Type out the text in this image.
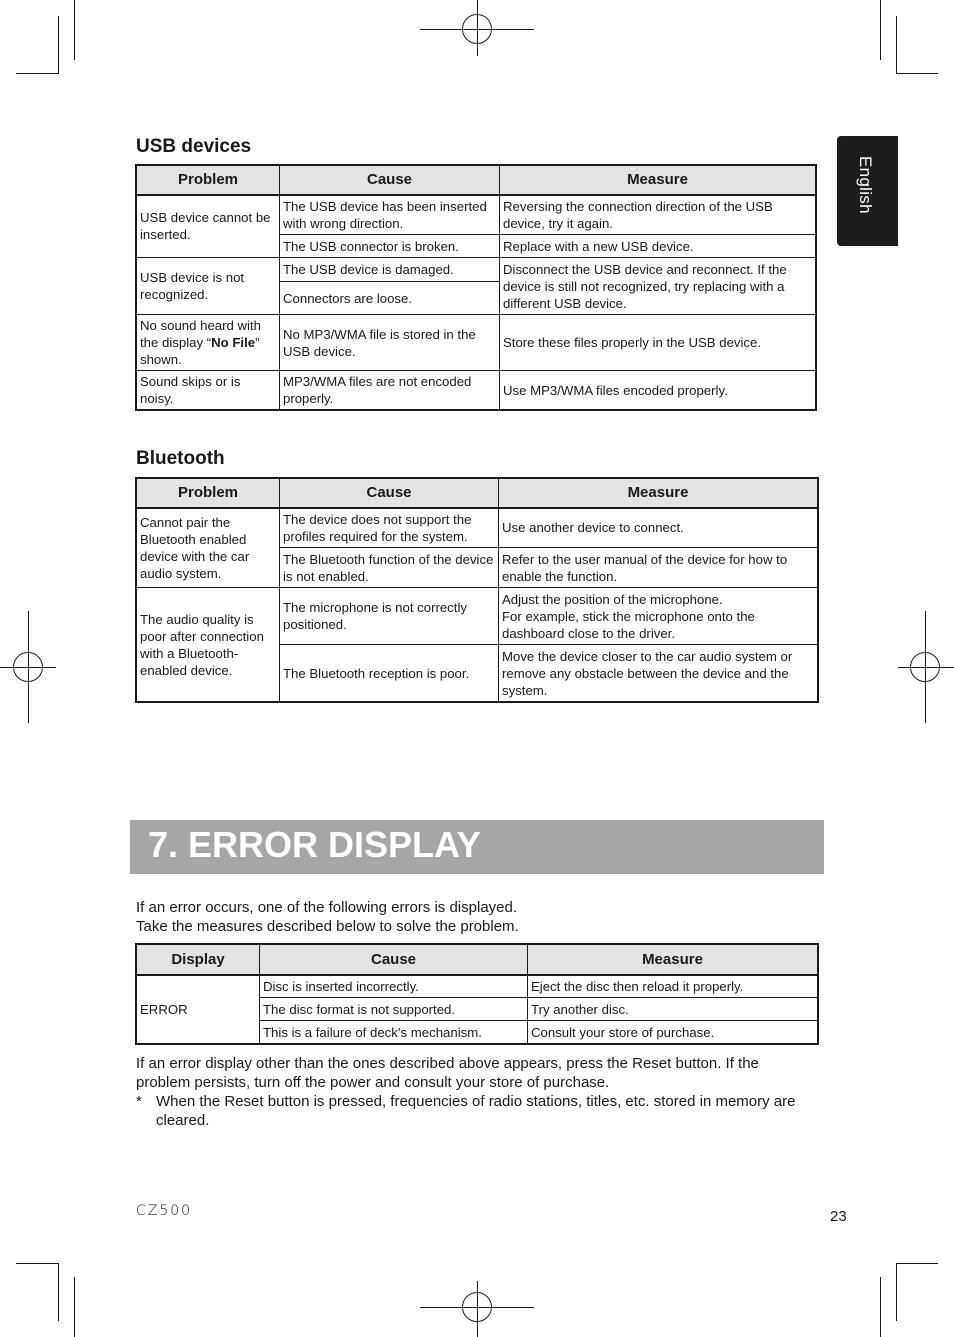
English
USB devices
Problem	Cause	Measure
USB device cannot be inserted.	The USB device has been inserted with wrong direction.	Reversing the connection direction of the USB device, try it again.
	The USB connector is broken.	Replace with a new USB device.
USB device is not recognized.	The USB device is damaged.	Disconnect the USB device and reconnect. If the device is still not recognized, try replacing with a different USB device.
	Connectors are loose.	
No sound heard with the display “No File” shown.	No MP3/WMA file is stored in the USB device.	Store these files properly in the USB device.
Sound skips or is noisy.	MP3/WMA files are not encoded properly.	Use MP3/WMA files encoded properly.
Bluetooth
Problem	Cause	Measure
Cannot pair the Bluetooth enabled device with the car audio system.	The device does not support the profiles required for the system.	Use another device to connect.
	The Bluetooth function of the device is not enabled.	Refer to the user manual of the device for how to enable the function.
The audio quality is poor after connection with a Bluetooth-enabled device.	The microphone is not correctly positioned.	Adjust the position of the microphone.
For example, stick the microphone onto the dashboard close to the driver.

	The Bluetooth reception is poor.	Move the device closer to the car audio system or remove any obstacle between the device and the system.
7. ERROR DISPLAY

If an error occurs, one of the following errors is displayed.
Take the measures described below to solve the problem.

Display	Cause	Measure
ERROR	Disc is inserted incorrectly.	Eject the disc then reload it properly.
	The disc format is not supported.	Try another disc.
	This is a failure of deck’s mechanism.	Consult your store of purchase.

If an error display other than the ones described above appears, press the Reset button. If the problem persists, turn off the power and consult your store of purchase.

* When the Reset button is pressed, frequencies of radio stations, titles, etc. stored in memory are cleared.
CZ500	23
